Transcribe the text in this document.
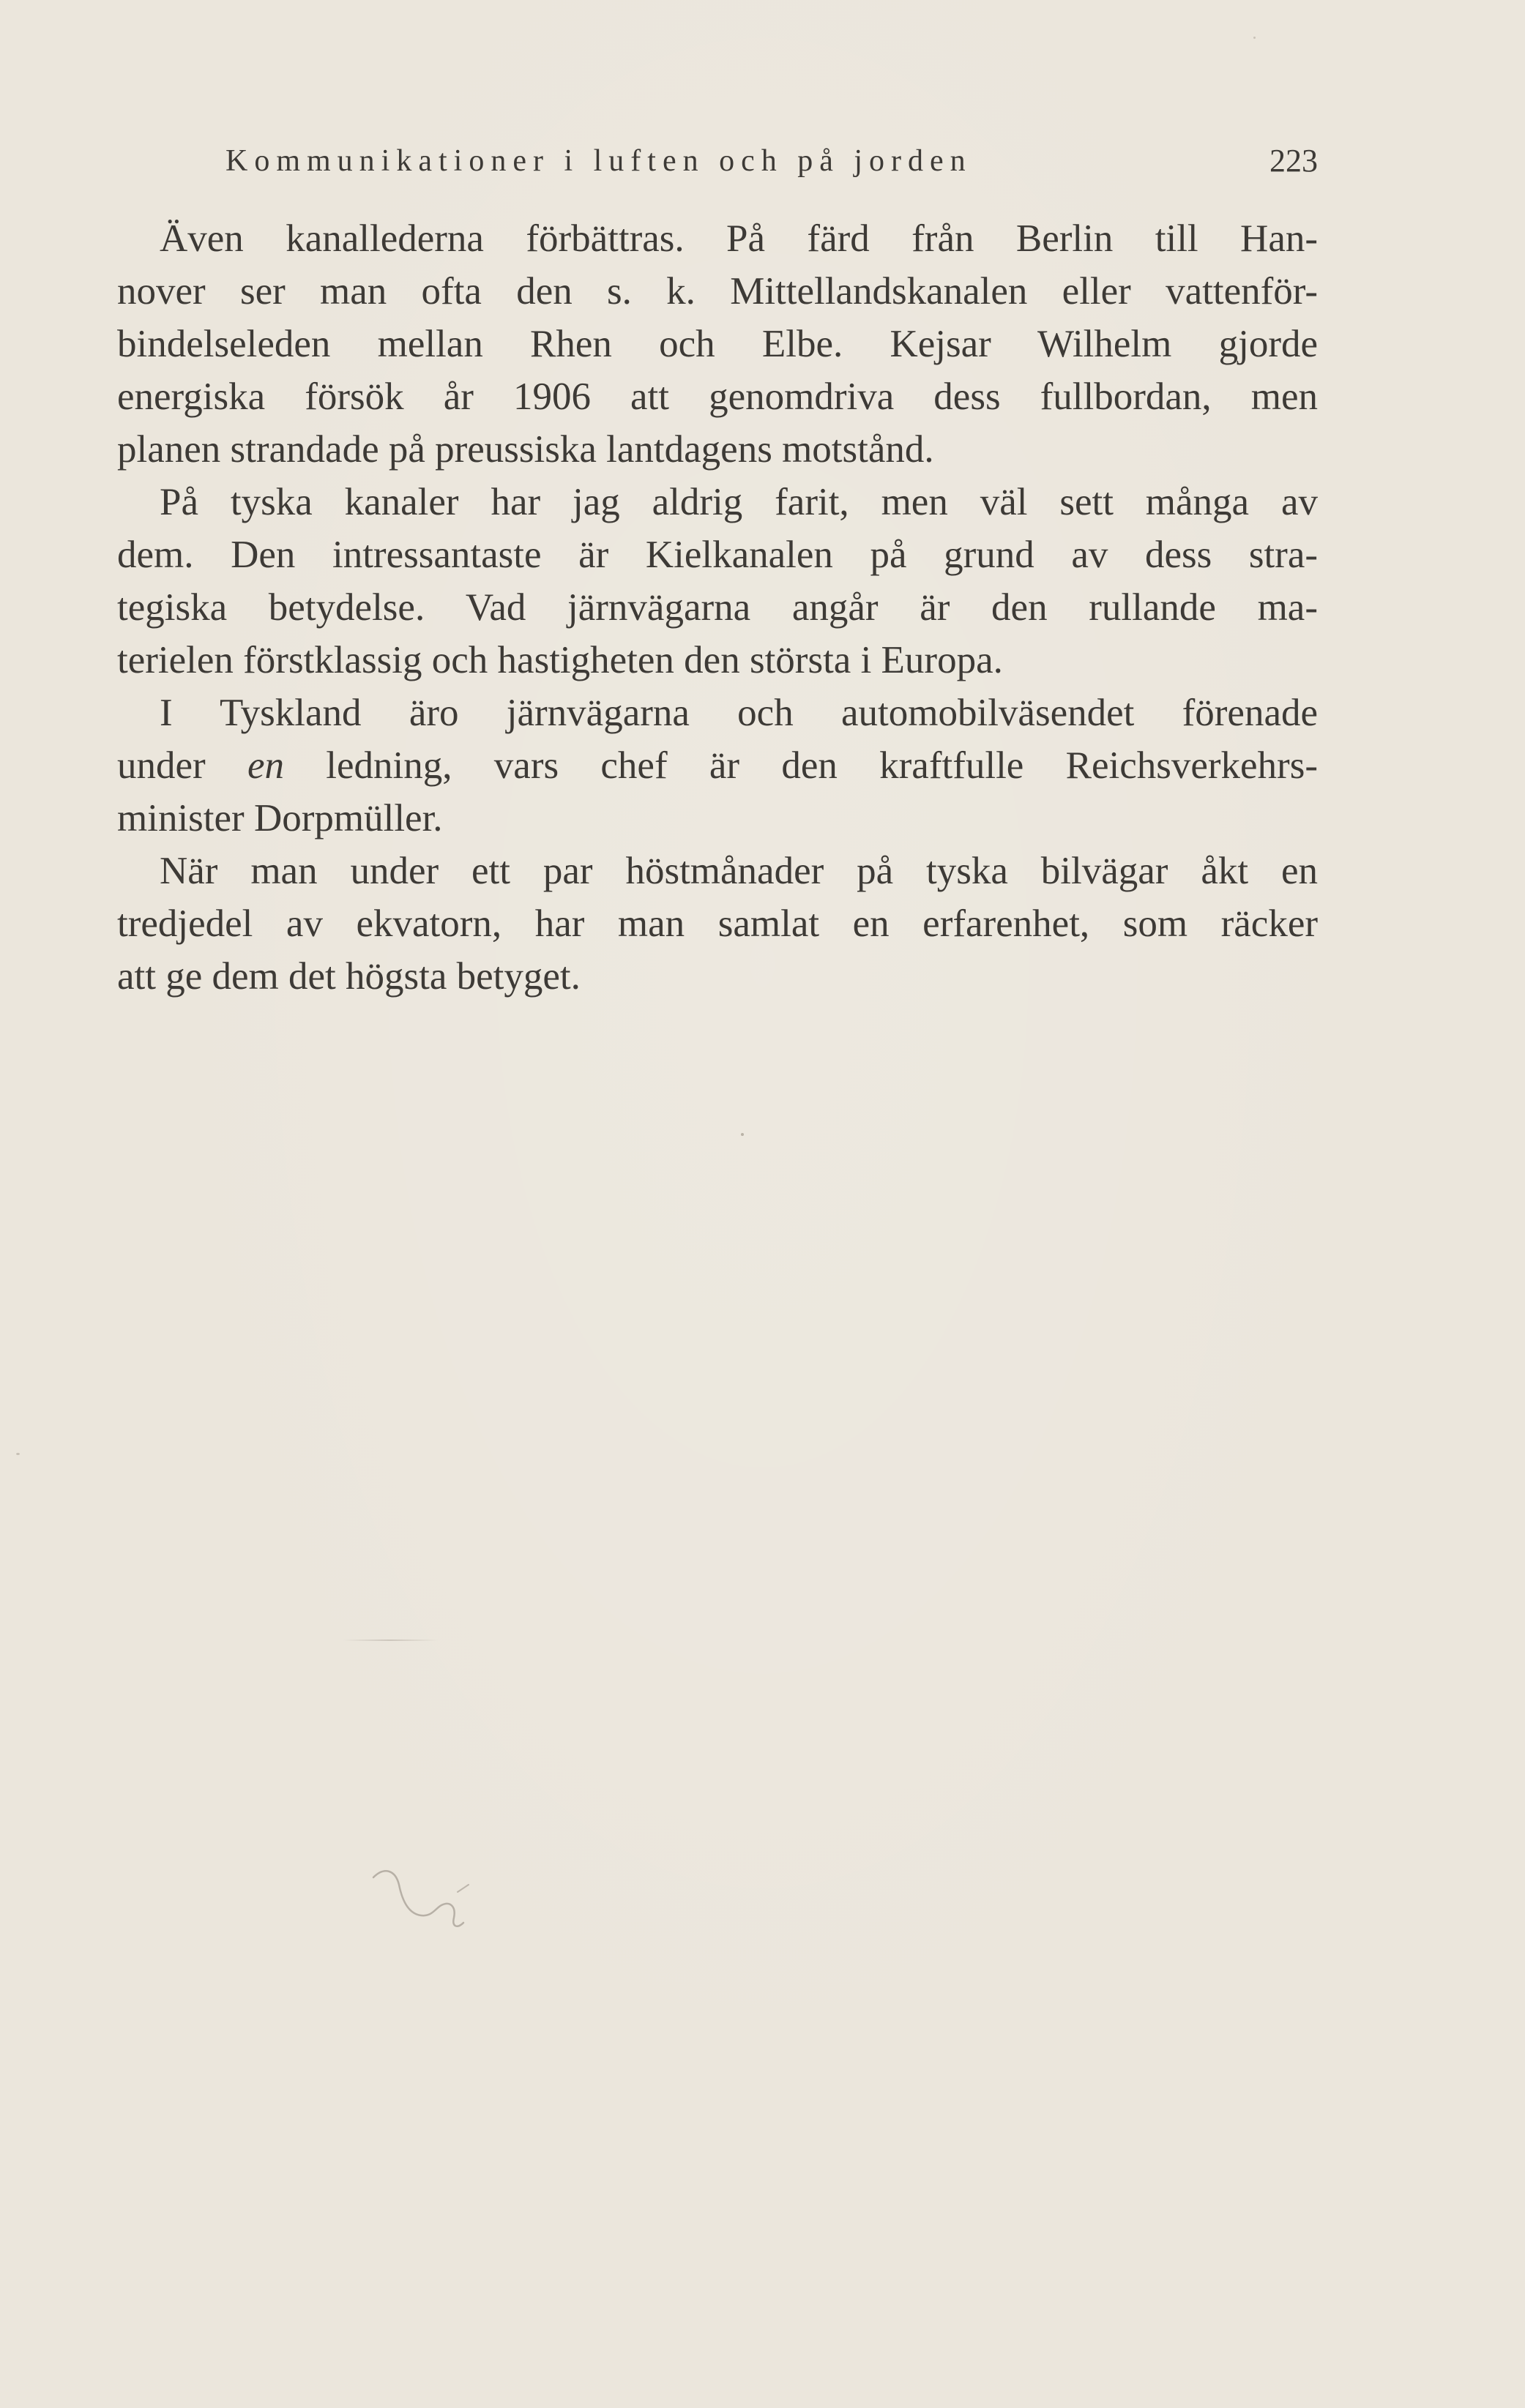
Kommunikationer i luften och på jorden	223
Även kanallederna förbättras. På färd från Berlin till Han-
nover ser man ofta den s. k. Mittellandskanalen eller vattenför-
bindelseleden mellan Rhen och Elbe. Kejsar Wilhelm gjorde
energiska försök år 1906 att genomdriva dess fullbordan, men
planen strandade på preussiska lantdagens motstånd.
På tyska kanaler har jag aldrig farit, men väl sett många av
dem. Den intressantaste är Kielkanalen på grund av dess stra-
tegiska betydelse. Vad järnvägarna angår är den rullande ma-
terielen förstklassig och hastigheten den största i Europa.
I Tyskland äro järnvägarna och automobilväsendet förenade
under en ledning, vars chef är den kraftfulle Reichsverkehrs-
minister Dorpmüller.
När man under ett par höstmånader på tyska bilvägar åkt en
tredjedel av ekvatorn, har man samlat en erfarenhet, som räcker
att ge dem det högsta betyget.
